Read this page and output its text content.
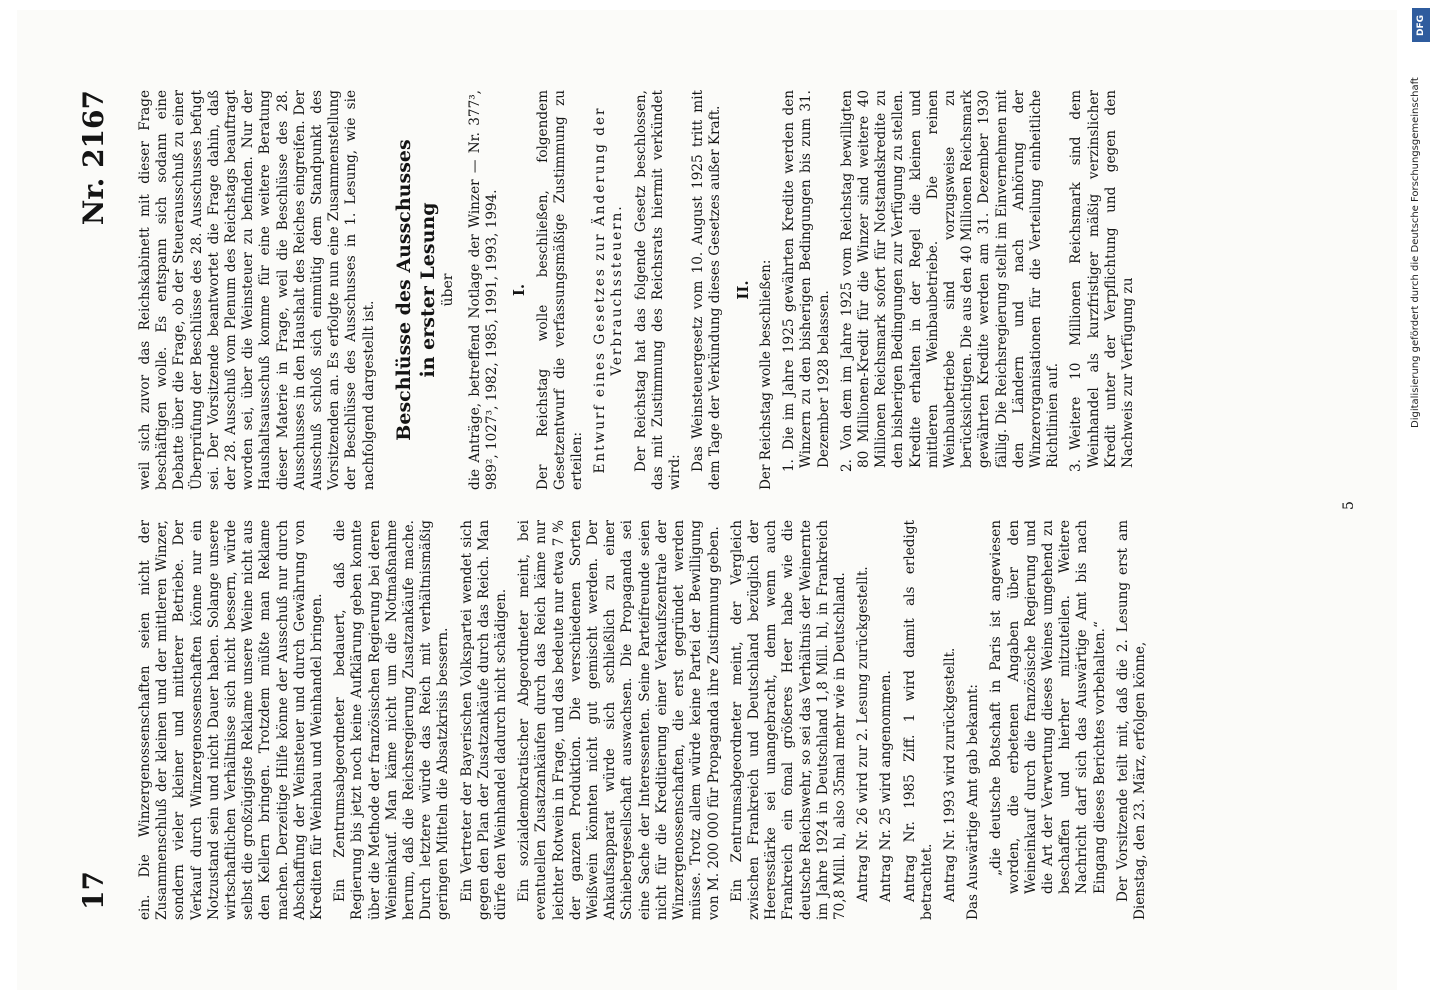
17
Nr. 2167

ein. Die Winzergenossenschaften seien nicht der Zusammenschluß der kleinen und der mittleren Winzer, sondern vieler kleiner und mittlerer Betriebe. Der Verkauf durch Winzergenossenschaften könne nur ein Notzustand sein und nicht Dauer haben. Solange unsere wirtschaftlichen Verhältnisse sich nicht bessern, würde selbst die großzügigste Reklame unsere Weine nicht aus den Kellern bringen. Trotzdem müßte man Reklame machen. Derzeitige Hilfe könne der Ausschuß nur durch Abschaffung der Weinsteuer und durch Gewährung von Krediten für Weinbau und Weinhandel bringen. Ein Zentrumsabgeordneter bedauert, daß die Regierung bis jetzt noch keine Aufklärung geben konnte über die Methode der französischen Regierung bei deren Weineinkauf. Man käme nicht um die Notmaßnahme herum, daß die Reichsregierung Zusatzankäufe mache. Durch letztere würde das Reich mit verhältnismäßig geringen Mitteln die Absatzkrisis bessern. Ein Vertreter der Bayerischen Volkspartei wendet sich gegen den Plan der Zusatzankäufe durch das Reich. Man dürfe den Weinhandel dadurch nicht schädigen. Ein sozialdemokratischer Abgeordneter meint, bei eventuellen Zusatzankäufen durch das Reich käme nur leichter Rotwein in Frage, und das bedeute nur etwa 7 % der ganzen Produktion. Die verschiedenen Sorten Weißwein könnten nicht gut gemischt werden. Der Ankaufsapparat würde sich schließlich zu einer Schiebergesellschaft auswachsen. Die Propaganda sei eine Sache der Interessenten. Seine Parteifreunde seien nicht für die Kreditierung einer Verkaufszentrale der Winzergenossenschaften, die erst gegründet werden müsse. Trotz allem würde keine Partei der Bewilligung von M. 200 000 für Propaganda ihre Zustimmung geben. Ein Zentrumsabgeordneter meint, der Vergleich zwischen Frankreich und Deutschland bezüglich der Heeresstärke sei unangebracht, denn wenn auch Frankreich ein 6mal größeres Heer habe wie die deutsche Reichswehr, so sei das Verhältnis der Weinernte im Jahre 1924 in Deutschland 1,8 Mill. hl, in Frankreich 70,8 Mill. hl, also 35mal mehr wie in Deutschland. Antrag Nr. 26 wird zur 2. Lesung zurückgestellt. Antrag Nr. 25 wird angenommen. Antrag Nr. 1985 Ziff. 1 wird damit als erledigt betrachtet. Antrag Nr. 1993 wird zurückgestellt. Das Auswärtige Amt gab bekannt: „die deutsche Botschaft in Paris ist angewiesen worden, die erbetenen Angaben über den Weineinkauf durch die französische Regierung und die Art der Verwertung dieses Weines umgehend zu beschaffen und hierher mitzuteilen. Weitere Nachricht darf sich das Auswärtige Amt bis nach Eingang dieses Berichtes vorbehalten.“ Der Vorsitzende teilt mit, daß die 2. Lesung erst am Dienstag, den 23. März, erfolgen könne,

weil sich zuvor das Reichskabinett mit dieser Frage beschäftigen wolle. Es entspann sich sodann eine Debatte über die Frage, ob der Steuerausschuß zu einer Überprüfung der Beschlüsse des 28. Ausschusses befugt sei. Der Vorsitzende beantwortet die Frage dahin, daß der 28. Ausschuß vom Plenum des Reichstags beauftragt worden sei, über die Weinsteuer zu befinden. Nur der Haushaltsausschuß komme für eine weitere Beratung dieser Materie in Frage, weil die Beschlüsse des 28. Ausschusses in den Haushalt des Reiches eingreifen. Der Ausschuß schloß sich einmütig dem Standpunkt des Vorsitzenden an. Es erfolgte nun eine Zusammenstellung der Beschlüsse des Ausschusses in 1. Lesung, wie sie nachfolgend dargestellt ist. Beschlüsse des Ausschusses in erster Lesung über die Anträge, betreffend Notlage der Winzer — Nr. 377³, 989², 1027³, 1982, 1985, 1991, 1993, 1994. I. Der Reichstag wolle beschließen, folgendem Gesetzentwurf die verfassungsmäßige Zustimmung zu erteilen: Entwurf eines Gesetzes zur Änderung der Verbrauchssteuern. Der Reichstag hat das folgende Gesetz beschlossen, das mit Zustimmung des Reichsrats hiermit verkündet wird:

Das Weinsteuergesetz vom 10. August 1925 tritt mit dem Tage der Verkündung dieses Gesetzes außer Kraft. II. Der Reichstag wolle beschließen: 1.
Die im Jahre 1925 gewährten Kredite werden den Winzern zu den bisherigen Bedingungen bis zum 31. Dezember 1928 belassen. 2.
Von dem im Jahre 1925 vom Reichstag bewilligten 80 Millionen-Kredit für die Winzer sind weitere 40 Millionen Reichsmark sofort für Notstandskredite zu den bisherigen Bedingungen zur Verfügung zu stellen. Kredite erhalten in der Regel die kleinen und mittleren Weinbaubetriebe. Die reinen Weinbaubetriebe sind vorzugsweise zu berücksichtigen. Die aus den 40 Millionen Reichsmark gewährten Kredite werden am 31. Dezember 1930 fällig. Die Reichsregierung stellt im Einvernehmen mit den Ländern und nach Anhörung der Winzerorganisationen für die Verteilung einheitliche Richtlinien auf. 3.
Weitere 10 Millionen Reichsmark sind dem Weinhandel als kurzfristiger mäßig verzinslicher Kredit unter der Verpflichtung und gegen den Nachweis zur Verfügung zu

5
DFG
Digitalisierung gefördert durch die Deutsche Forschungsgemeinschaft
